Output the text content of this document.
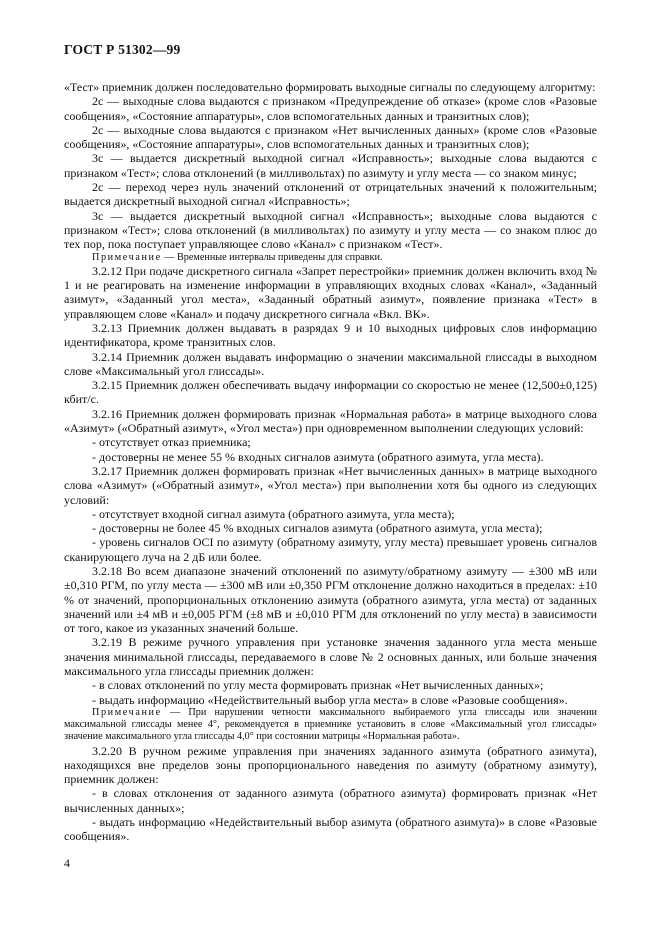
ГОСТ Р 51302—99

«Тест» приемник должен последовательно формировать выходные сигналы по следующему алгоритму:

2с — выходные слова выдаются с признаком «Предупреждение об отказе» (кроме слов «Разовые сообщения», «Состояние аппаратуры», слов вспомогательных данных и транзитных слов);

2с — выходные слова выдаются с признаком «Нет вычисленных данных» (кроме слов «Разовые сообщения», «Состояние аппаратуры», слов вспомогательных данных и транзитных слов);

3с — выдается дискретный выходной сигнал «Исправность»; выходные слова выдаются с признаком «Тест»; слова отклонений (в милливольтах) по азимуту и углу места — со знаком минус;

2с — переход через нуль значений отклонений от отрицательных значений к положительным; выдается дискретный выходной сигнал «Исправность»;

3с — выдается дискретный выходной сигнал «Исправность»; выходные слова выдаются с признаком «Тест»; слова отклонений (в милливольтах) по азимуту и углу места — со знаком плюс до тех пор, пока поступает управляющее слово «Канал» с признаком «Тест».

Примечание — Временные интервалы приведены для справки.

3.2.12 При подаче дискретного сигнала «Запрет перестройки» приемник должен включить вход № 1 и не реагировать на изменение информации в управляющих входных словах «Канал», «Заданный азимут», «Заданный угол места», «Заданный обратный азимут», появление признака «Тест» в управляющем слове «Канал» и подачу дискретного сигнала «Вкл. ВК».

3.2.13 Приемник должен выдавать в разрядах 9 и 10 выходных цифровых слов информацию идентификатора, кроме транзитных слов.

3.2.14 Приемник должен выдавать информацию о значении максимальной глиссады в выходном слове «Максимальный угол глиссады».

3.2.15 Приемник должен обеспечивать выдачу информации со скоростью не менее (12,500±0,125) кбит/с.

3.2.16 Приемник должен формировать признак «Нормальная работа» в матрице выходного слова «Азимут» («Обратный азимут», «Угол места») при одновременном выполнении следующих условий:

- отсутствует отказ приемника;

- достоверны не менее 55 % входных сигналов азимута (обратного азимута, угла места).

3.2.17 Приемник должен формировать признак «Нет вычисленных данных» в матрице выходного слова «Азимут» («Обратный азимут», «Угол места») при выполнении хотя бы одного из следующих условий:

- отсутствует входной сигнал азимута (обратного азимута, угла места);

- достоверны не более 45 % входных сигналов азимута (обратного азимута, угла места);

- уровень сигналов OCI по азимуту (обратному азимуту, углу места) превышает уровень сигналов сканирующего луча на 2 дБ или более.

3.2.18 Во всем диапазоне значений отклонений по азимуту/обратному азимуту — ±300 мВ или ±0,310 РГМ, по углу места — ±300 мВ или ±0,350 РГМ отклонение должно находиться в пределах: ±10 % от значений, пропорциональных отклонению азимута (обратного азимута, угла места) от заданных значений или ±4 мВ и ±0,005 РГМ (±8 мВ и ±0,010 РГМ для отклонений по углу места) в зависимости от того, какое из указанных значений больше.

3.2.19 В режиме ручного управления при установке значения заданного угла места меньше значения минимальной глиссады, передаваемого в слове № 2 основных данных, или больше значения максимального угла глиссады приемник должен:

- в словах отклонений по углу места формировать признак «Нет вычисленных данных»;

- выдать информацию «Недействительный выбор угла места» в слове «Разовые сообщения».

Примечание — При нарушении четности максимального выбираемого угла глиссады или значении максимальной глиссады менее 4°, рекомендуется в приемнике установить в слове «Максимальный угол глиссады» значение максимального угла глиссады 4,0° при состоянии матрицы «Нормальная работа».

3.2.20 В ручном режиме управления при значениях заданного азимута (обратного азимута), находящихся вне пределов зоны пропорционального наведения по азимуту (обратному азимуту), приемник должен:

- в словах отклонения от заданного азимута (обратного азимута) формировать признак «Нет вычисленных данных»;

- выдать информацию «Недействительный выбор азимута (обратного азимута)» в слове «Разовые сообщения».

4
